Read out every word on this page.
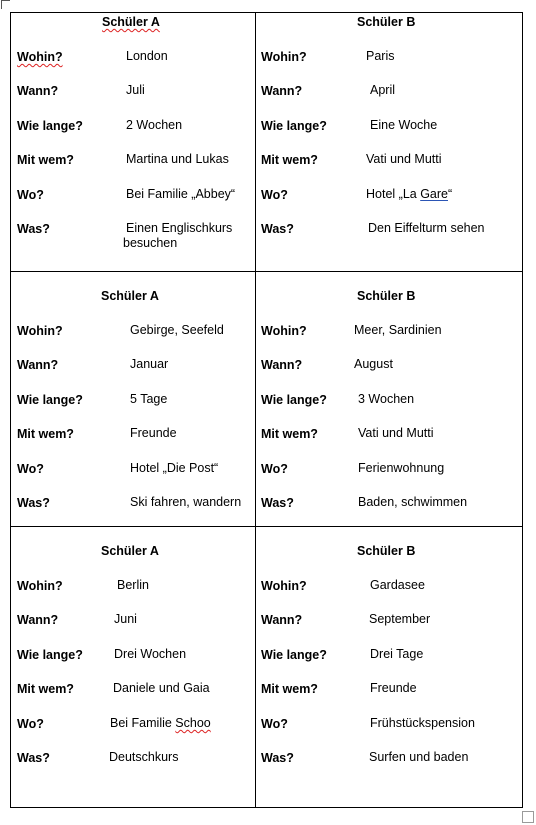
Schüler A
Wohin?	London
Wann?	Juli
Wie lange?	2 Wochen
Mit wem?	Martina und Lukas
Wo?	Bei Familie „Abbey“
Was?	Einen Englischkurs
besuchen
Schüler B
Wohin?	Paris
Wann?	April
Wie lange?	Eine Woche
Mit wem?	Vati und Mutti
Wo?	Hotel „La Gare“
Was?	Den Eiffelturm sehen
Schüler A
Wohin?	Gebirge, Seefeld
Wann?	Januar
Wie lange?	5 Tage
Mit wem?	Freunde
Wo?	Hotel „Die Post“
Was?	Ski fahren, wandern
Schüler B
Wohin?	Meer, Sardinien
Wann?	August
Wie lange? 3 Wochen
Mit wem?	Vati und Mutti
Wo?	Ferienwohnung
Was?	Baden, schwimmen
Schüler A
Wohin?	Berlin
Wann?	Juni
Wie lange? Drei Wochen
Mit wem?	Daniele und Gaia
Wo?	Bei Familie Schoo
Was?	Deutschkurs
Schüler B
Wohin?	Gardasee
Wann?	September
Wie lange?	Drei Tage
Mit wem?	Freunde
Wo?	Frühstückspension
Was?	Surfen und baden
